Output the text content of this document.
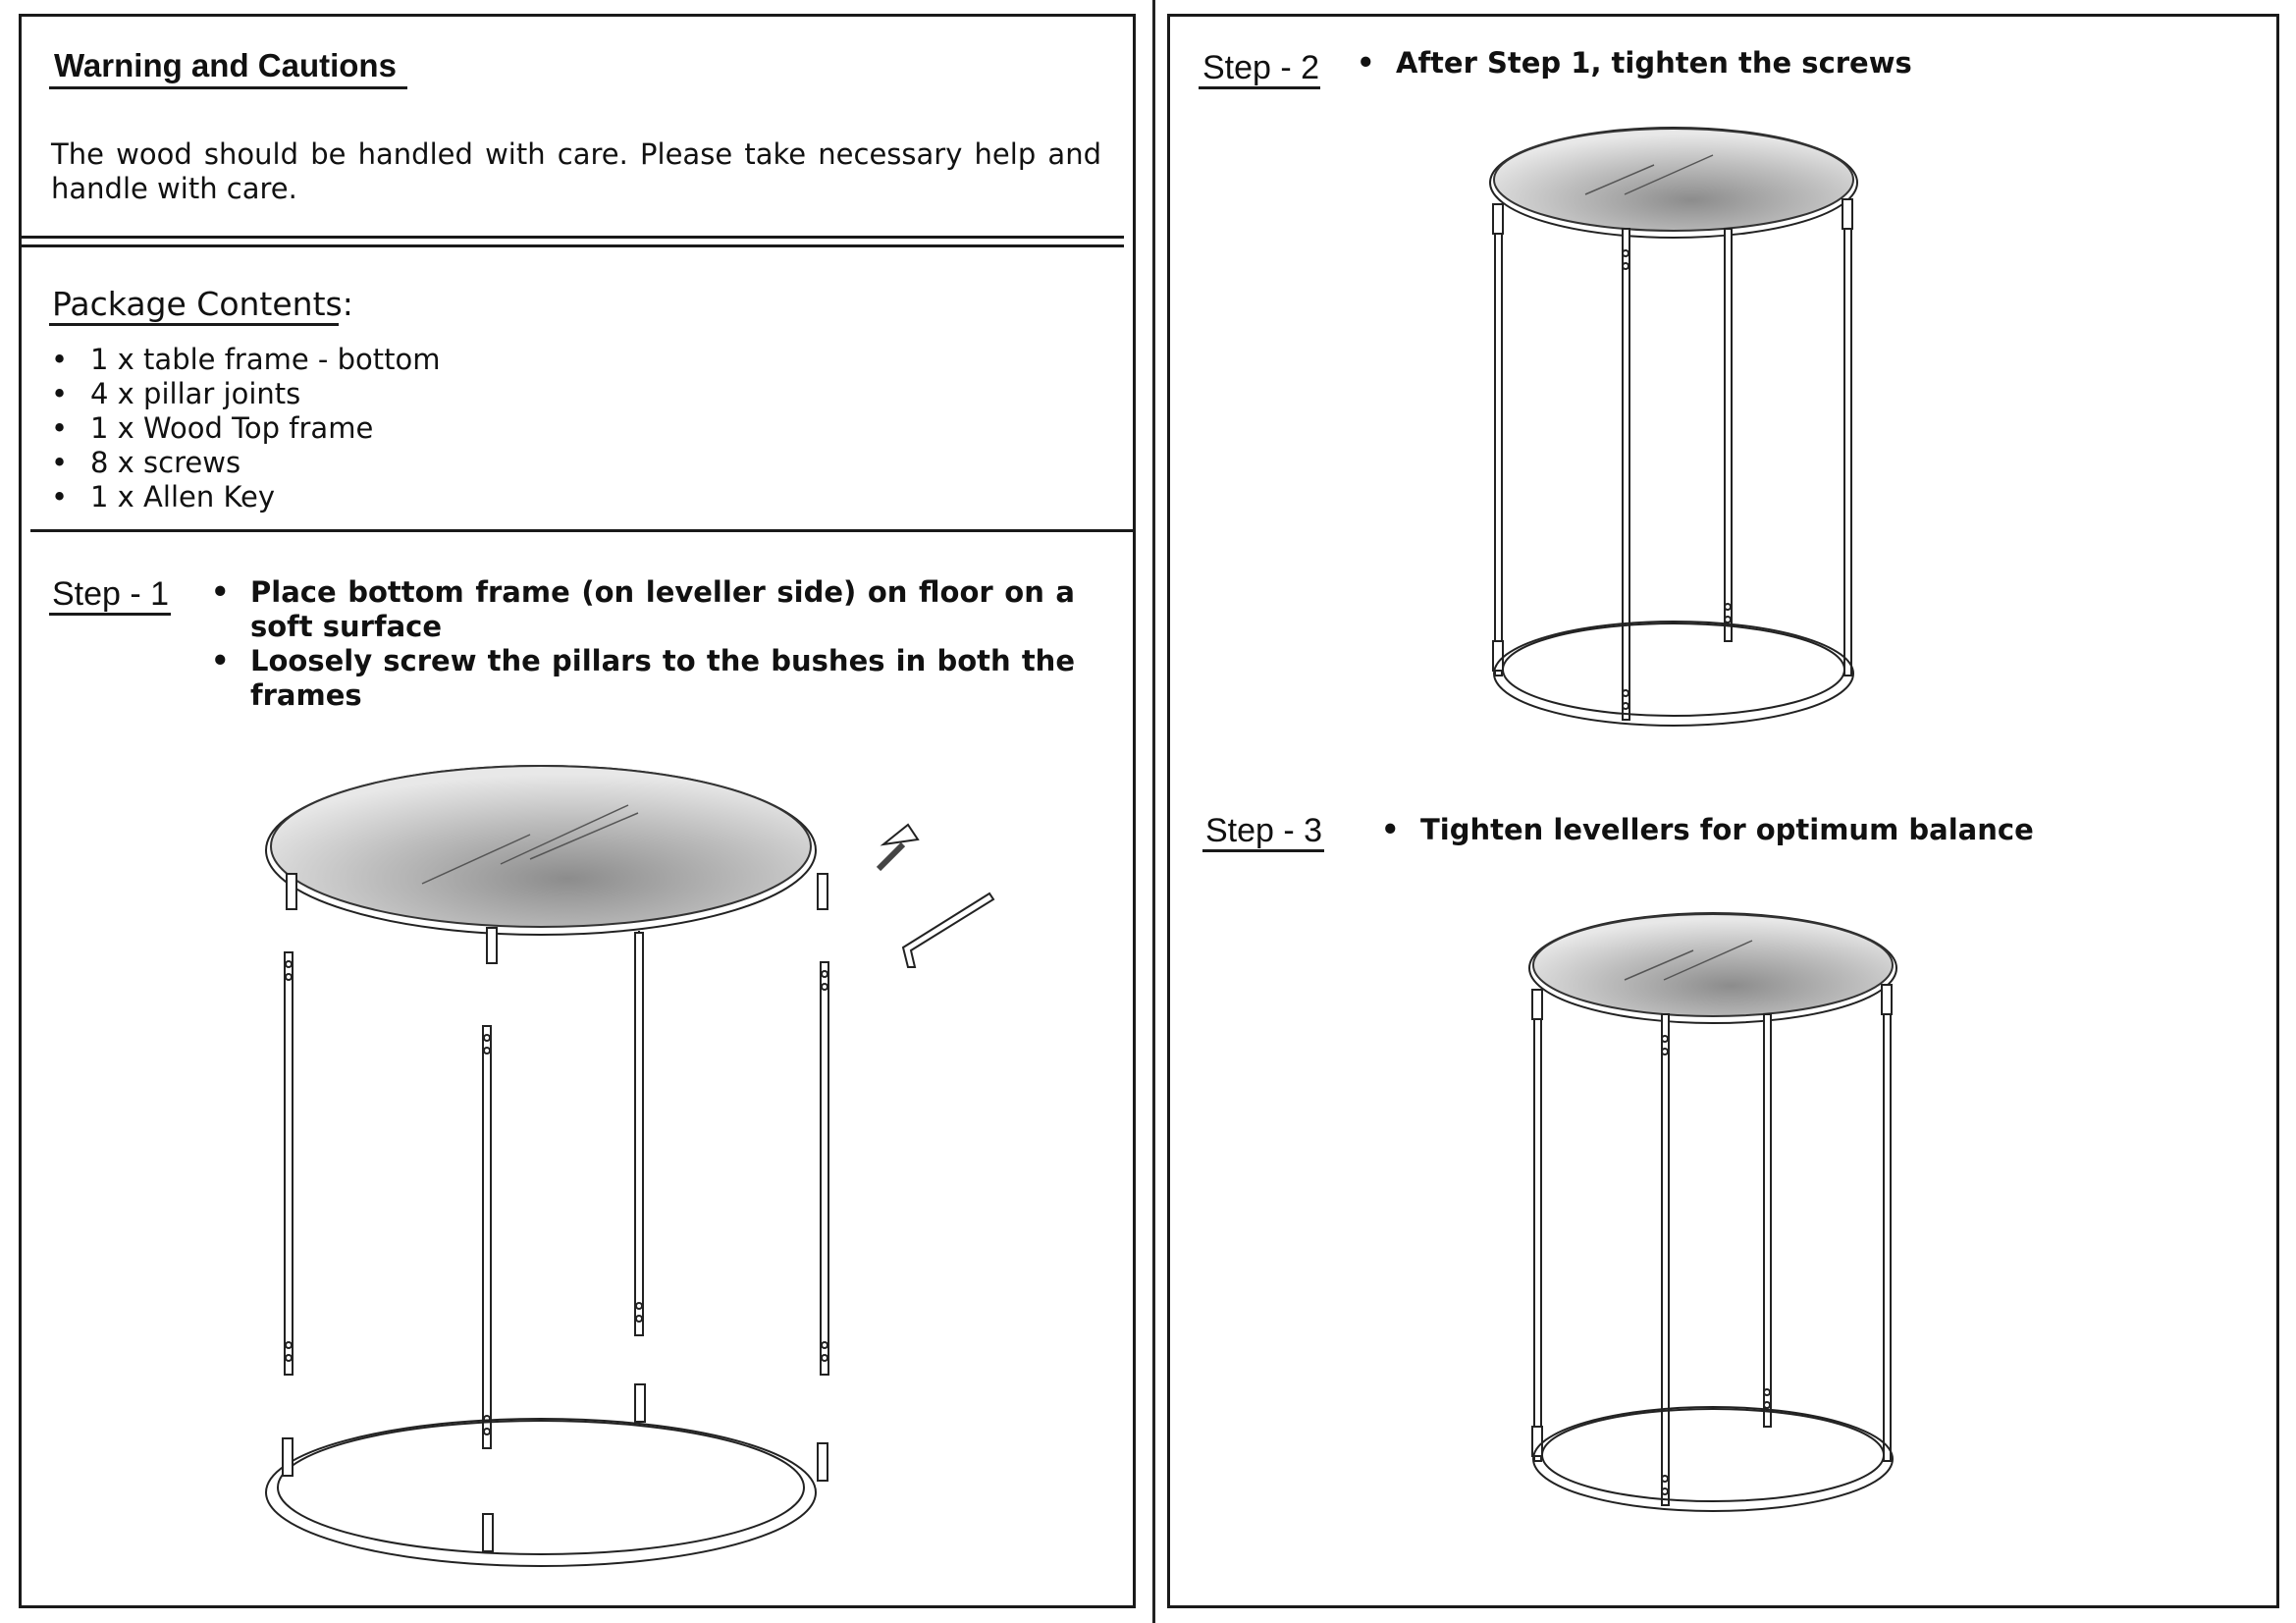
Warning and Cautions
The wood should be handled with care. Please take necessary help and handle with care.
Package Contents:
• 1 x table frame - bottom
• 4 x pillar joints
• 1 x Wood Top frame
• 8 x screws
• 1 x Allen Key
Step - 1	• Place bottom frame (on leveller side) on floor on a soft surface
• Loosely screw the pillars to the bushes in both the frames
Step - 2	• After Step 1, tighten the screws
Step - 3	• Tighten levellers for optimum balance
